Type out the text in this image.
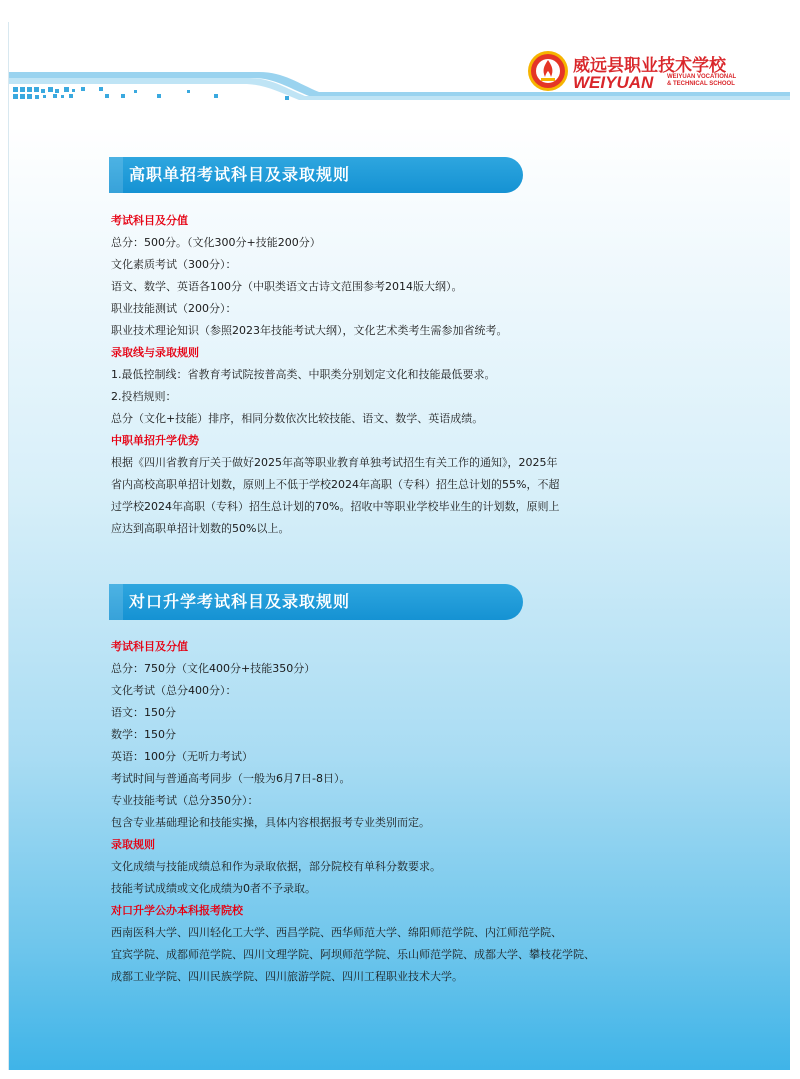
威远县职业技术学校
WEIYUAN WEIYUAN VOCATIONAL
& TECHNICAL SCHOOL
高职单招考试科目及录取规则
考试科目及分值
总分：500分。（文化300分+技能200分）
文化素质考试（300分）：
语文、数学、英语各100分（中职类语文古诗文范围参考2014版大纲）。
职业技能测试（200分）：
职业技术理论知识（参照2023年技能考试大纲），文化艺术类考生需参加省统考。
录取线与录取规则
1.最低控制线：省教育考试院按普高类、中职类分别划定文化和技能最低要求。
2.投档规则：
总分（文化+技能）排序，相同分数依次比较技能、语文、数学、英语成绩。
中职单招升学优势
根据《四川省教育厅关于做好2025年高等职业教育单独考试招生有关工作的通知》，2025年
省内高校高职单招计划数，原则上不低于学校2024年高职（专科）招生总计划的55%，不超
过学校2024年高职（专科）招生总计划的70%。招收中等职业学校毕业生的计划数，原则上
应达到高职单招计划数的50%以上。
对口升学考试科目及录取规则
考试科目及分值
总分：750分（文化400分+技能350分）
文化考试（总分400分）：
语文：150分
数学：150分
英语：100分（无听力考试）
考试时间与普通高考同步（一般为6月7日-8日）。
专业技能考试（总分350分）：
包含专业基础理论和技能实操，具体内容根据报考专业类别而定。
录取规则
文化成绩与技能成绩总和作为录取依据，部分院校有单科分数要求。
技能考试成绩或文化成绩为0者不予录取。
对口升学公办本科报考院校
西南医科大学、四川轻化工大学、西昌学院、西华师范大学、绵阳师范学院、内江师范学院、
宜宾学院、成都师范学院、四川文理学院、阿坝师范学院、乐山师范学院、成都大学、攀枝花学院、
成都工业学院、四川民族学院、四川旅游学院、四川工程职业技术大学。
